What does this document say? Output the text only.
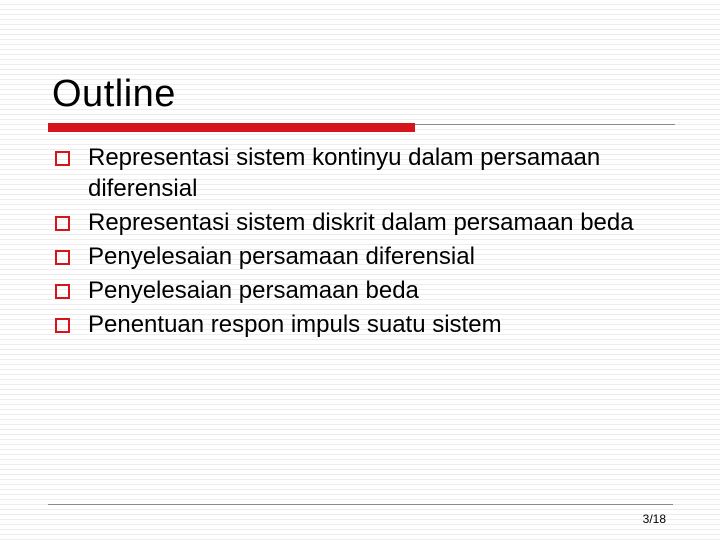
Outline
Representasi sistem kontinyu dalam persamaan diferensial
Representasi sistem diskrit dalam persamaan beda
Penyelesaian persamaan diferensial
Penyelesaian persamaan beda
Penentuan respon impuls suatu sistem
3/18
